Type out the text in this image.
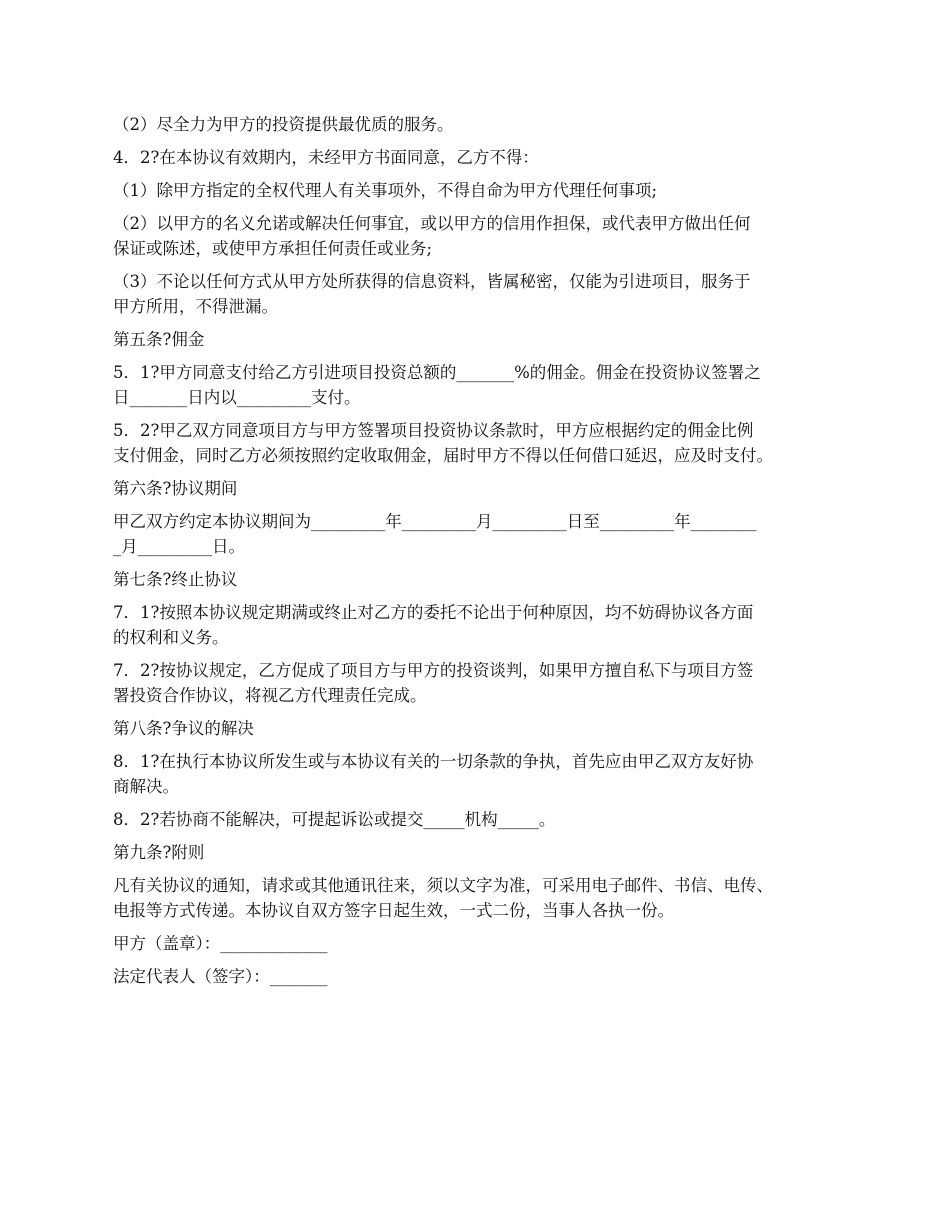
（2）尽全力为甲方的投资提供最优质的服务。

4．2?在本协议有效期内，未经甲方书面同意，乙方不得：

（1）除甲方指定的全权代理人有关事项外，不得自命为甲方代理任何事项;

（2）以甲方的名义允诺或解决任何事宜，或以甲方的信用作担保，或代表甲方做出任何
保证或陈述，或使甲方承担任何责任或业务;

（3）不论以任何方式从甲方处所获得的信息资料，皆属秘密，仅能为引进项目，服务于
甲方所用，不得泄漏。

第五条?佣金

5．1?甲方同意支付给乙方引进项目投资总额的_______%的佣金。佣金在投资协议签署之
日_______日内以_________支付。

5．2?甲乙双方同意项目方与甲方签署项目投资协议条款时，甲方应根据约定的佣金比例
支付佣金，同时乙方必须按照约定收取佣金，届时甲方不得以任何借口延迟，应及时支付。

第六条?协议期间

甲乙双方约定本协议期间为_________年_________月_________日至_________年________
_月_________日。

第七条?终止协议

7．1?按照本协议规定期满或终止对乙方的委托不论出于何种原因，均不妨碍协议各方面
的权利和义务。

7．2?按协议规定，乙方促成了项目方与甲方的投资谈判，如果甲方擅自私下与项目方签
署投资合作协议，将视乙方代理责任完成。

第八条?争议的解决

8．1?在执行本协议所发生或与本协议有关的一切条款的争执，首先应由甲乙双方友好协
商解决。

8．2?若协商不能解决，可提起诉讼或提交_____机构_____。

第九条?附则

凡有关协议的通知，请求或其他通讯往来，须以文字为准，可采用电子邮件、书信、电传、
电报等方式传递。本协议自双方签字日起生效，一式二份，当事人各执一份。

甲方（盖章）：_____________

法定代表人（签字）：_______
